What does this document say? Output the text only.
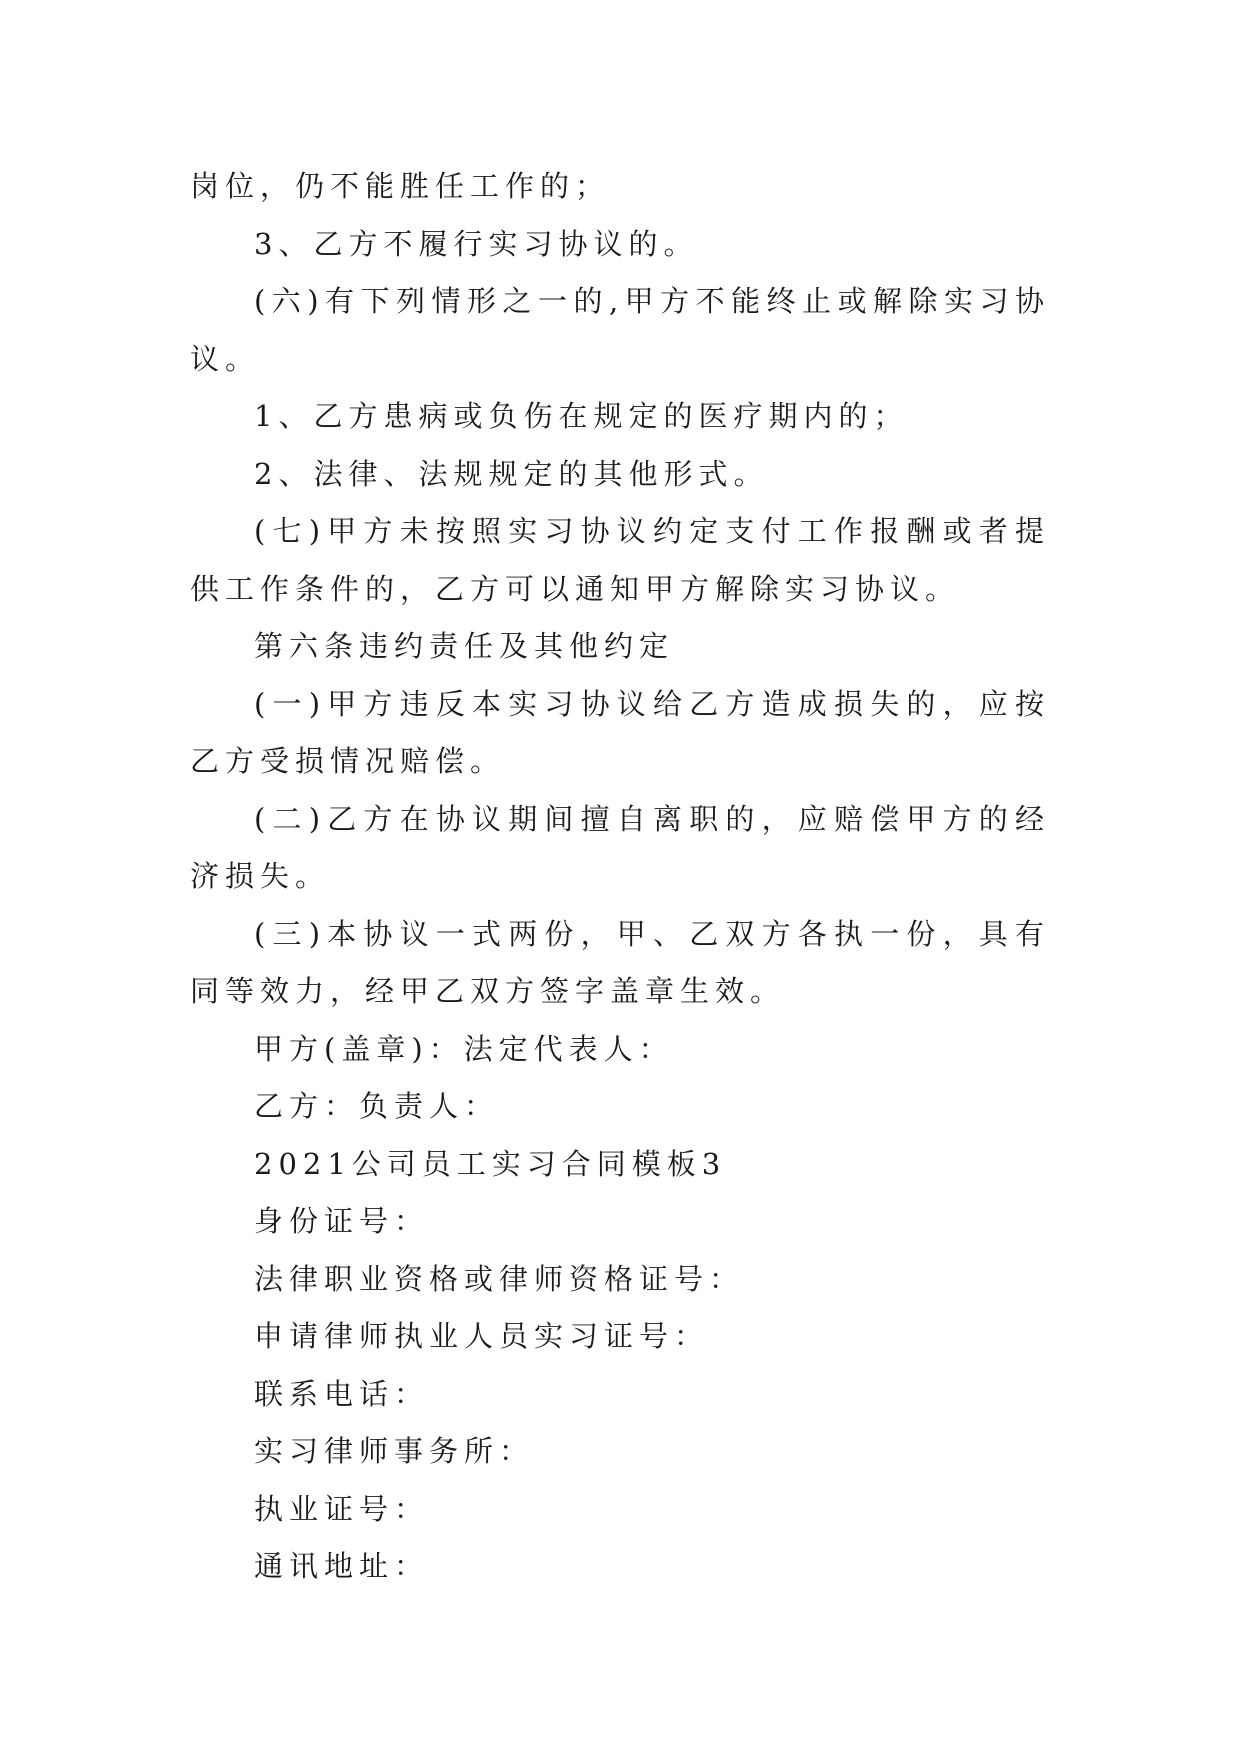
岗位，仍不能胜任工作的；

3、乙方不履行实习协议的。

(六)有下列情形之一的,甲方不能终止或解除实习协议。

1、乙方患病或负伤在规定的医疗期内的；

2、法律、法规规定的其他形式。

(七)甲方未按照实习协议约定支付工作报酬或者提供工作条件的，乙方可以通知甲方解除实习协议。

第六条违约责任及其他约定

(一)甲方违反本实习协议给乙方造成损失的，应按乙方受损情况赔偿。

(二)乙方在协议期间擅自离职的，应赔偿甲方的经济损失。

(三)本协议一式两份，甲、乙双方各执一份，具有同等效力，经甲乙双方签字盖章生效。

甲方(盖章)：法定代表人：

乙方：负责人：

2021公司员工实习合同模板3

身份证号：

法律职业资格或律师资格证号：

申请律师执业人员实习证号：

联系电话：

实习律师事务所：

执业证号：

通讯地址：
